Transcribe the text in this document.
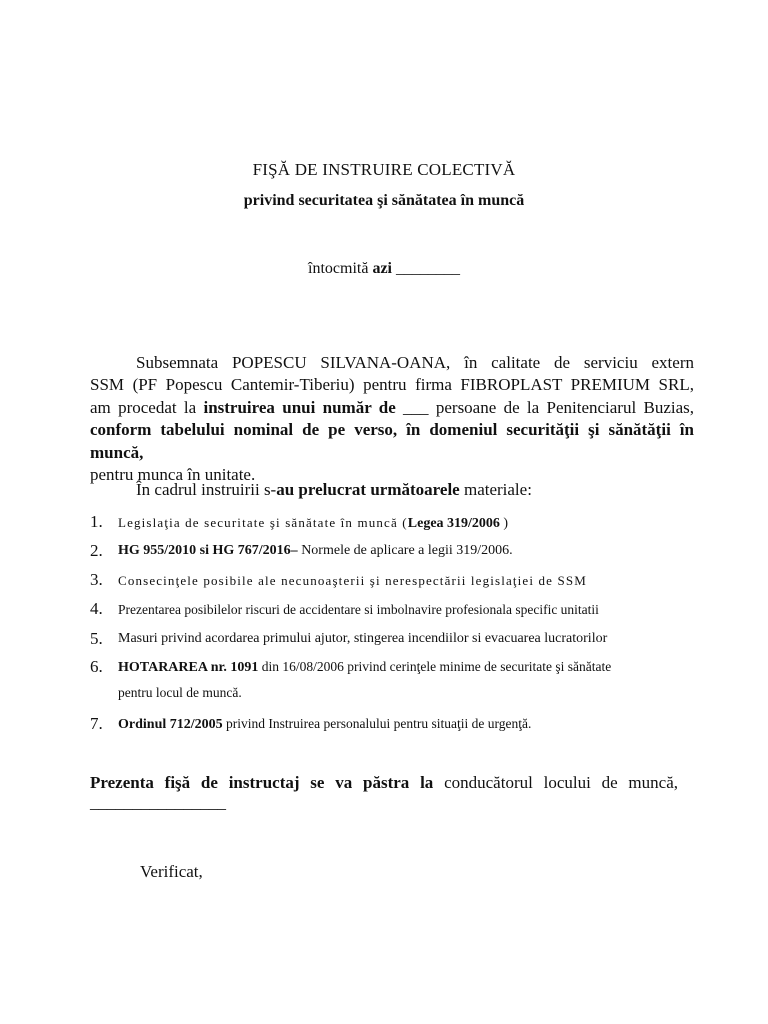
FIŞĂ DE INSTRUIRE COLECTIVĂ
privind securitatea şi sănătatea în muncă
întocmită azi ________
Subsemnata POPESCU SILVANA-OANA, în calitate de serviciu extern
SSM (PF Popescu Cantemir-Tiberiu) pentru firma FIBROPLAST PREMIUM SRL,
am procedat la instruirea unui număr de ___ persoane de la Penitenciarul Buzias,
conform tabelului nominal de pe verso, în domeniul securităţii şi sănătăţii în muncă,
pentru munca în unitate.
În cadrul instruirii s-au prelucrat următoarele materiale:
1.	Legislaţia de securitate şi sănătate în muncă (Legea 319/2006 )
2.	HG 955/2010 si HG 767/2016– Normele de aplicare a legii 319/2006.
3.	Consecinţele posibile ale necunoaşterii şi nerespectării legislaţiei de SSM
4.	Prezentarea posibilelor riscuri de accidentare si imbolnavire profesionala specific unitatii
5.	Masuri privind acordarea primului ajutor, stingerea incendiilor si evacuarea lucratorilor
6.	HOTARAREA nr. 1091 din 16/08/2006 privind cerinţele minime de securitate şi sănătate
pentru locul de muncă.
7.	Ordinul 712/2005 privind Instruirea personalului pentru situaţii de urgenţă.
Prezenta fişă de instructaj se va păstra la conducătorul locului de muncă,
________________
Verificat,
